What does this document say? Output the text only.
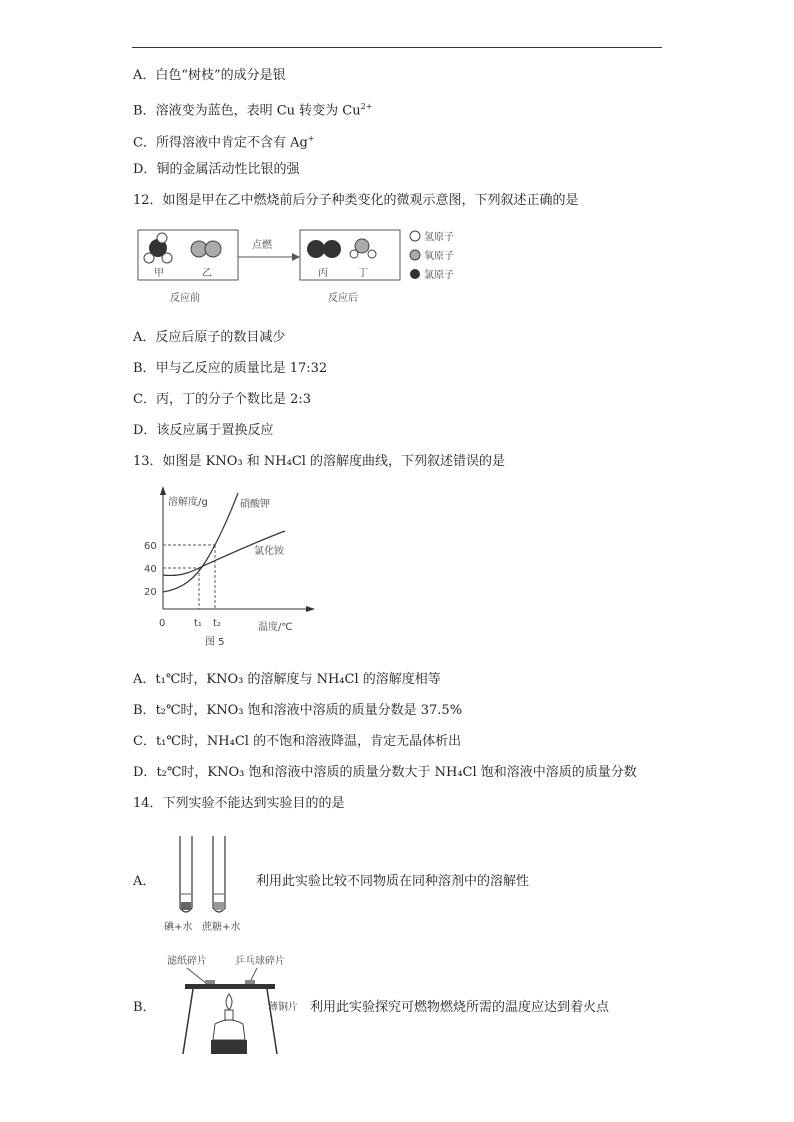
A．白色“树枝”的成分是银
B．溶液变为蓝色，表明 Cu 转变为 $Cu^{2+}$
C．所得溶液中肯定不含有 Ag+
D．铜的金属活动性比银的强
12．如图是甲在乙中燃烧前后分子种类变化的微观示意图，下列叙述正确的是
甲	乙
反应前
点燃
丙	丁
反应后
氢原子
氧原子
氯原子
A．反应后原子的数目减少
B．甲与乙反应的质量比是 17:32
C．丙，丁的分子个数比是 2:3
D．该反应属于置换反应
13．如图是 KNO₃ 和 NH₄Cl 的溶解度曲线，下列叙述错误的是
溶解度/g
温度/℃
20
40
60
0	t₁ t₂
硝酸钾
氯化铵
图 5
A．t₁℃时，KNO₃ 的溶解度与 NH₄Cl 的溶解度相等
B．t₂℃时，KNO₃ 饱和溶液中溶质的质量分数是 37.5%
C．t₁℃时，NH₄Cl 的不饱和溶液降温，肯定无晶体析出
D．t₂℃时，KNO₃ 饱和溶液中溶质的质量分数大于 NH₄Cl 饱和溶液中溶质的质量分数
14．下列实验不能达到实验目的的是
A．
碘+水 蔗糖+水
利用此实验比较不同物质在同种溶剂中的溶解性
B．
滤纸碎片	乒乓球碎片
薄铜片 利用此实验探究可燃物燃烧所需的温度应达到着火点
